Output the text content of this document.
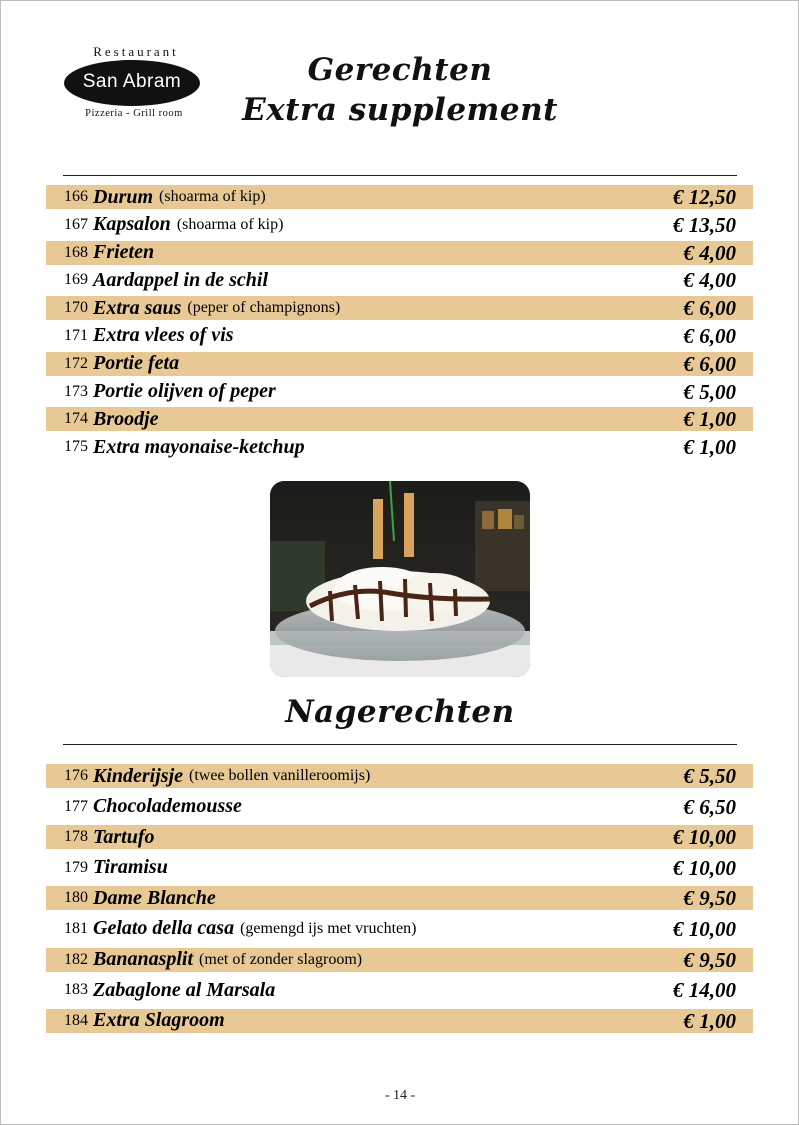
Restaurant
San Abram
Pizzeria - Grill room
Gerechten
Extra supplement
166 Durum (shoarma of kip)	€ 12,50
167 Kapsalon (shoarma of kip)	€ 13,50
168 Frieten	€ 4,00
169 Aardappel in de schil	€ 4,00
170 Extra saus (peper of champignons)	€ 6,00
171 Extra vlees of vis	€ 6,00
172 Portie feta	€ 6,00
173 Portie olijven of peper	€ 5,00
174 Broodje	€ 1,00
175 Extra mayonaise-ketchup	€ 1,00
Nagerechten
176 Kinderijsje (twee bollen vanilleroomijs)	€ 5,50
177 Chocolademousse	€ 6,50
178 Tartufo	€ 10,00
179 Tiramisu	€ 10,00
180 Dame Blanche	€ 9,50
181 Gelato della casa (gemengd ijs met vruchten)	€ 10,00
182 Bananasplit (met of zonder slagroom)	€ 9,50
183 Zabaglone al Marsala	€ 14,00
184 Extra Slagroom	€ 1,00
- 14 -
